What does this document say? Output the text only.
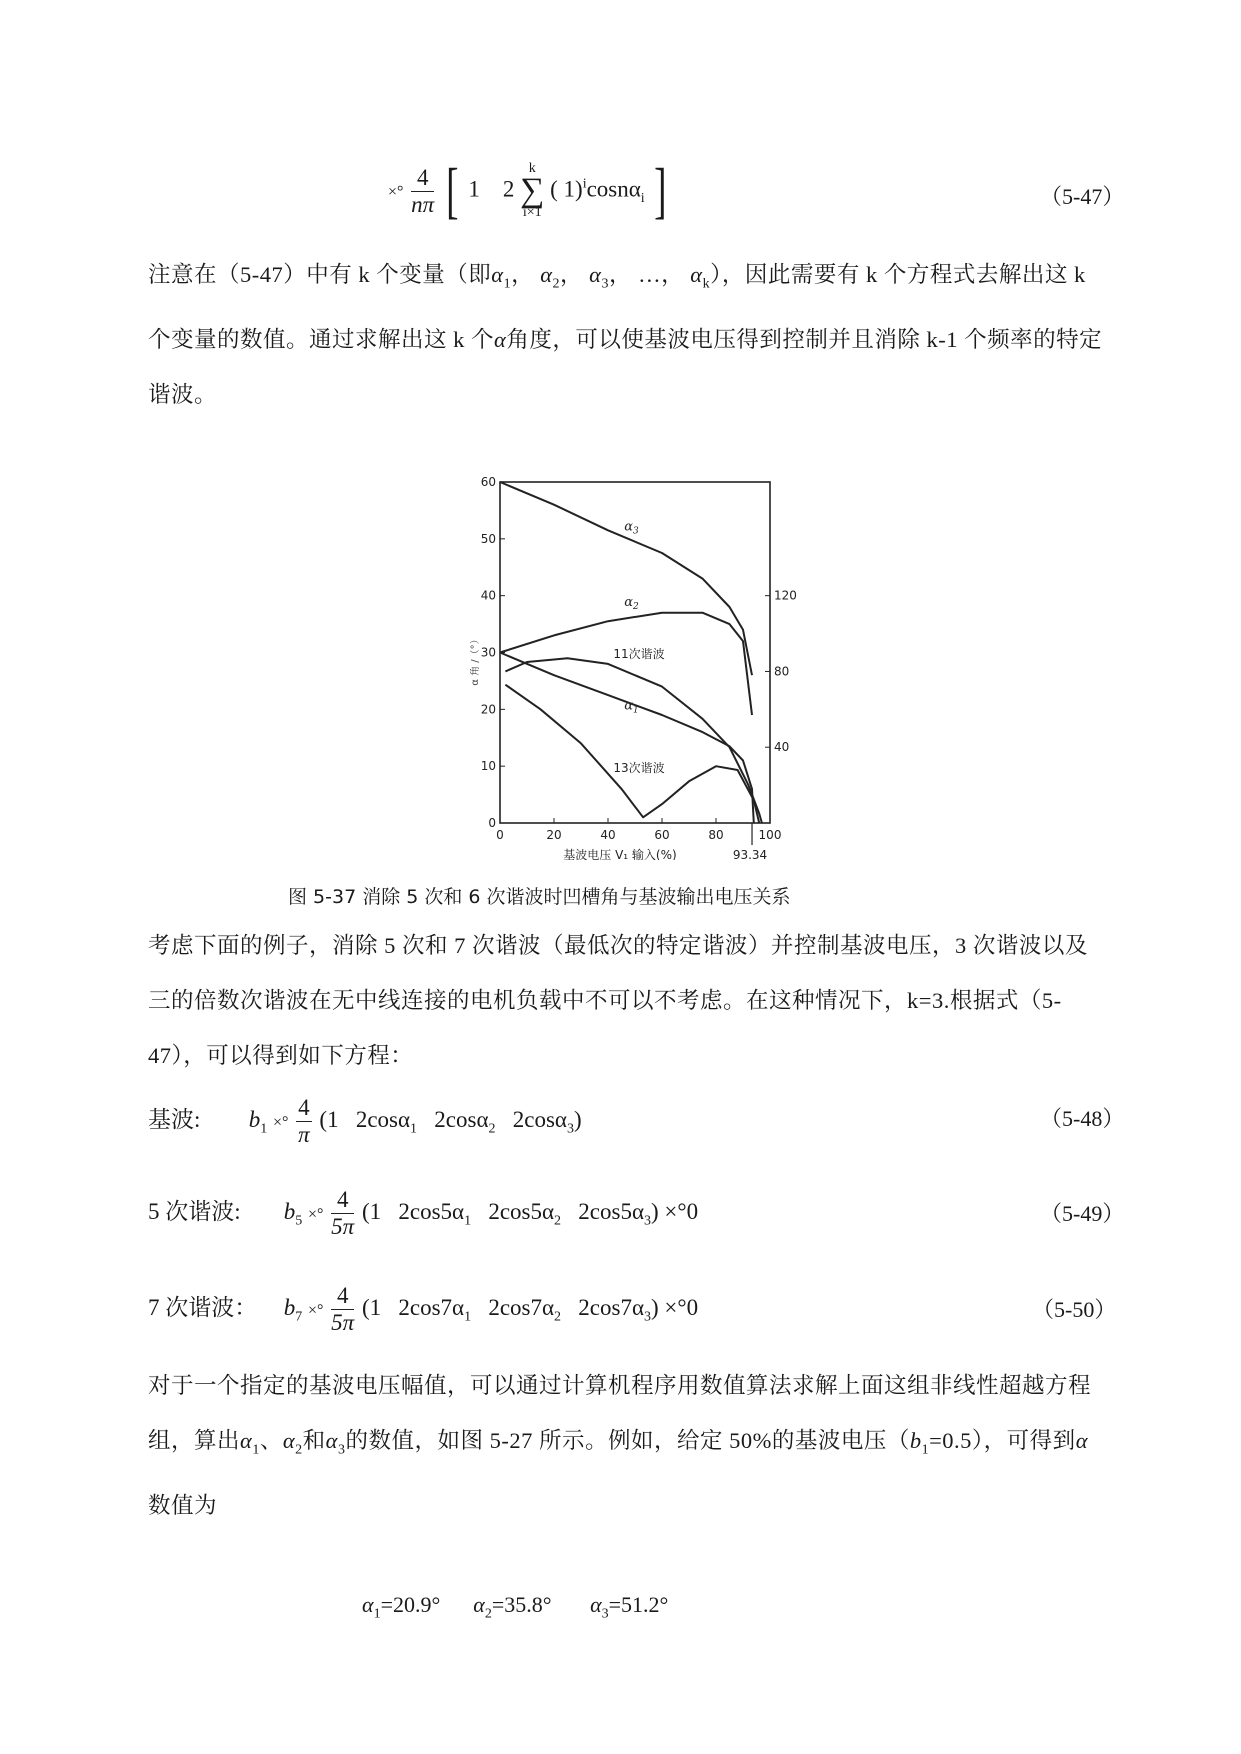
×° $\frac{4}{n\pi}$ [ 1 2 k
∑
i×1 ( 1)$^i$cosnα$_i$ ]	（5-47）
注意在（5-47）中有 k 个变量（即$\alpha_1$， $\alpha_2$， $\alpha_3$， …， $\alpha_k$），因此需要有 k 个方程式去解出这 k 个变量的数值。通过求解出这 k 个α角度，可以使基波电压得到控制并且消除 k-1 个频率的特定谐波。
0	20	40	60	80	100
0
10
20
30
40
50
60
40
80
120
93.34
基波电压 V₁ 输入(%)
α 角 /（°）
$\alpha_3$
$\alpha_2$
$\alpha_1$
11次谐波
13次谐波
图 5-37 消除 5 次和 6 次谐波时凹槽角与基波输出电压关系
考虑下面的例子，消除 5 次和 7 次谐波（最低次的特定谐波）并控制基波电压，3 次谐波以及三的倍数次谐波在无中线连接的电机负载中不可以不考虑。在这种情况下，k=3.根据式（5-47），可以得到如下方程：
基波: $b_1$ ×° $\frac{4}{\pi} (1$   2cosα$_1$   2cosα$_2$   2cosα$_3$)	（5-48）
5 次谐波: $b_5$ ×° $\frac{4}{5\pi} (1$   $2\cos 5\alpha_1$   $2\cos 5\alpha_2$   $2\cos 5\alpha_3) \times^\circ 0$	（5-49）
7 次谐波： $b_7$ ×° $\frac{4}{5\pi} (1$   $2\cos 7\alpha_1$   $2\cos 7\alpha_2$   $2\cos 7\alpha_3) \times^\circ 0$	（5-50）
对于一个指定的基波电压幅值，可以通过计算机程序用数值算法求解上面这组非线性超越方程组，算出$\alpha_1$、$\alpha_2$和$\alpha_3$的数值，如图 5-27 所示。例如，给定 50%的基波电压$(b_1=0.5)$，可得到α数值为
$\alpha_1=20.9^\circ$ $\alpha_2=35.8^\circ$ $\alpha_3=51.2^\circ$
